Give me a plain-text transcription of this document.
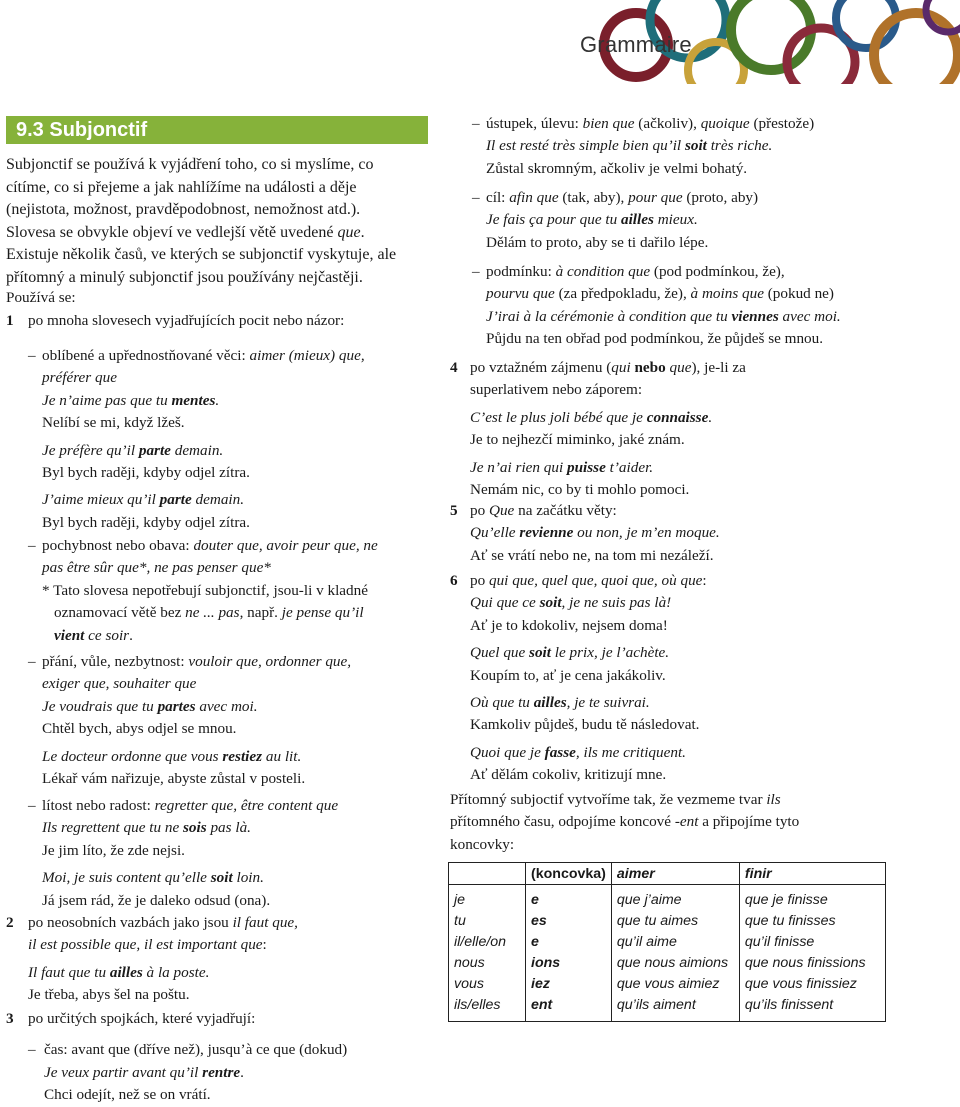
Grammaire
9.3 Subjonctif

Subjonctif se používá k vyjádření toho, co si myslíme, co

cítíme, co si přejeme a jak nahlížíme na události a děje

(nejistota, možnost, pravděpodobnost, nemožnost atd.).

Slovesa se obvykle objeví ve vedlejší větě uvedené que.

Existuje několik časů, ve kterých se subjonctif vyskytuje, ale

přítomný a minulý subjonctif jsou používány nejčastěji.

Používá se:
1 po mnoha slovesech vyjadřujících pocit nebo názor:
– oblíbené a upřednostňované věci: aimer (mieux) que,

préférer que

Je n’aime pas que tu mentes.

Nelíbí se mi, když lžeš.

Je préfère qu’il parte demain.

Byl bych raději, kdyby odjel zítra.

J’aime mieux qu’il parte demain.

Byl bych raději, kdyby odjel zítra.

– pochybnost nebo obava: douter que, avoir peur que, ne

pas être sûr que*, ne pas penser que*

* Tato slovesa nepotřebují subjonctif, jsou-li v kladné

oznamovací větě bez ne ... pas, např. je pense qu’il

vient ce soir.

– přání, vůle, nezbytnost: vouloir que, ordonner que,

exiger que, souhaiter que

Je voudrais que tu partes avec moi.

Chtěl bych, abys odjel se mnou.

Le docteur ordonne que vous restiez au lit.

Lékař vám nařizuje, abyste zůstal v posteli.

– lítost nebo radost: regretter que, être content que

Ils regrettent que tu ne sois pas là.

Je jim líto, že zde nejsi.

Moi, je suis content qu’elle soit loin.

Já jsem rád, že je daleko odsud (ona).

2 po neosobních vazbách jako jsou il faut que,

il est possible que, il est important que:

Il faut que tu ailles à la poste.

Je třeba, abys šel na poštu.

3 po určitých spojkách, které vyjadřují:

– čas: avant que (dříve než), jusqu’à ce que (dokud)

Je veux partir avant qu’il rentre.

Chci odejít, než se on vrátí.

– ústupek, úlevu: bien que (ačkoliv), quoique (přestože)

Il est resté très simple bien qu’il soit très riche.

Zůstal skromným, ačkoliv je velmi bohatý.

– cíl: afin que (tak, aby), pour que (proto, aby)

Je fais ça pour que tu ailles mieux.

Dělám to proto, aby se ti dařilo lépe.

– podmínku: à condition que (pod podmínkou, že),

pourvu que (za předpokladu, že), à moins que (pokud ne)

J’irai à la cérémonie à condition que tu viennes avec moi.

Půjdu na ten obřad pod podmínkou, že půjdeš se mnou.

4 po vztažném zájmenu (qui nebo que), je-li za

superlativem nebo záporem:

C’est le plus joli bébé que je connaisse.

Je to nejhezčí miminko, jaké znám.

Je n’ai rien qui puisse t’aider.

Nemám nic, co by ti mohlo pomoci.

5 po Que na začátku věty:

Qu’elle revienne ou non, je m’en moque.

Ať se vrátí nebo ne, na tom mi nezáleží.

6 po qui que, quel que, quoi que, où que:

Qui que ce soit, je ne suis pas là!

Ať je to kdokoliv, nejsem doma!

Quel que soit le prix, je l’achète.

Koupím to, ať je cena jakákoliv.

Où que tu ailles, je te suivrai.

Kamkoliv půjdeš, budu tě následovat.

Quoi que je fasse, ils me critiquent.

Ať dělám cokoliv, kritizují mne.

Přítomný subjoctif vytvoříme tak, že vezmeme tvar ils

přítomného času, odpojíme koncové -ent a připojíme tyto

koncovky:

	(koncovka)	aimer	finir
je	e	que j’aime	que je finisse
tu	es	que tu aimes	que tu finisses
il/elle/on	e	qu’il aime	qu’il finisse
nous	ions	que nous aimions	que nous finissions
vous	iez	que vous aimiez	que vous finissiez
ils/elles	ent	qu’ils aiment	qu’ils finissent
